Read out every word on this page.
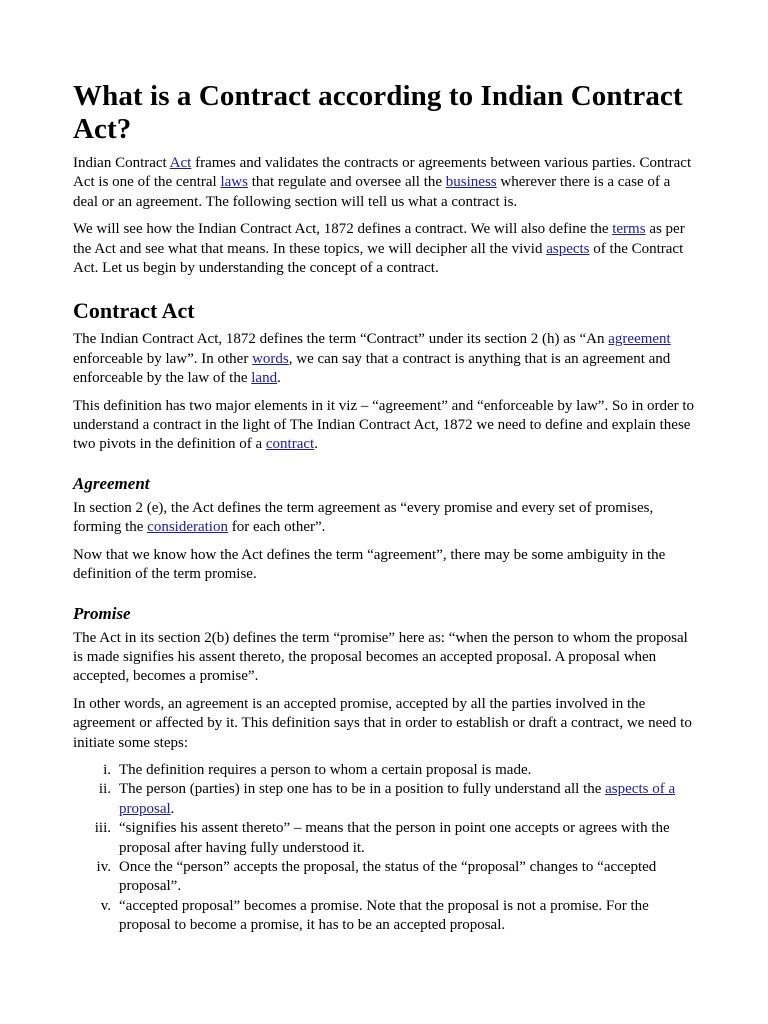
What is a Contract according to Indian Contract Act?

Indian Contract Act frames and validates the contracts or agreements between various parties. Contract Act is one of the central laws that regulate and oversee all the business wherever there is a case of a deal or an agreement. The following section will tell us what a contract is.

We will see how the Indian Contract Act, 1872 defines a contract. We will also define the terms as per the Act and see what that means. In these topics, we will decipher all the vivid aspects of the Contract Act. Let us begin by understanding the concept of a contract.

Contract Act

The Indian Contract Act, 1872 defines the term “Contract” under its section 2 (h) as “An agreement enforceable by law”. In other words, we can say that a contract is anything that is an agreement and enforceable by the law of the land.

This definition has two major elements in it viz – “agreement” and “enforceable by law”. So in order to understand a contract in the light of The Indian Contract Act, 1872 we need to define and explain these two pivots in the definition of a contract.

Agreement

In section 2 (e), the Act defines the term agreement as “every promise and every set of promises, forming the consideration for each other”.

Now that we know how the Act defines the term “agreement”, there may be some ambiguity in the definition of the term promise.

Promise

The Act in its section 2(b) defines the term “promise” here as: “when the person to whom the proposal is made signifies his assent thereto, the proposal becomes an accepted proposal. A proposal when accepted, becomes a promise”.

In other words, an agreement is an accepted promise, accepted by all the parties involved in the agreement or affected by it. This definition says that in order to establish or draft a contract, we need to initiate some steps:

i. The definition requires a person to whom a certain proposal is made.
ii. The person (parties) in step one has to be in a position to fully understand all the aspects of a proposal.
iii. “signifies his assent thereto” – means that the person in point one accepts or agrees with the proposal after having fully understood it.
iv. Once the “person” accepts the proposal, the status of the “proposal” changes to “accepted proposal”.
v. “accepted proposal” becomes a promise. Note that the proposal is not a promise. For the proposal to become a promise, it has to be an accepted proposal.
